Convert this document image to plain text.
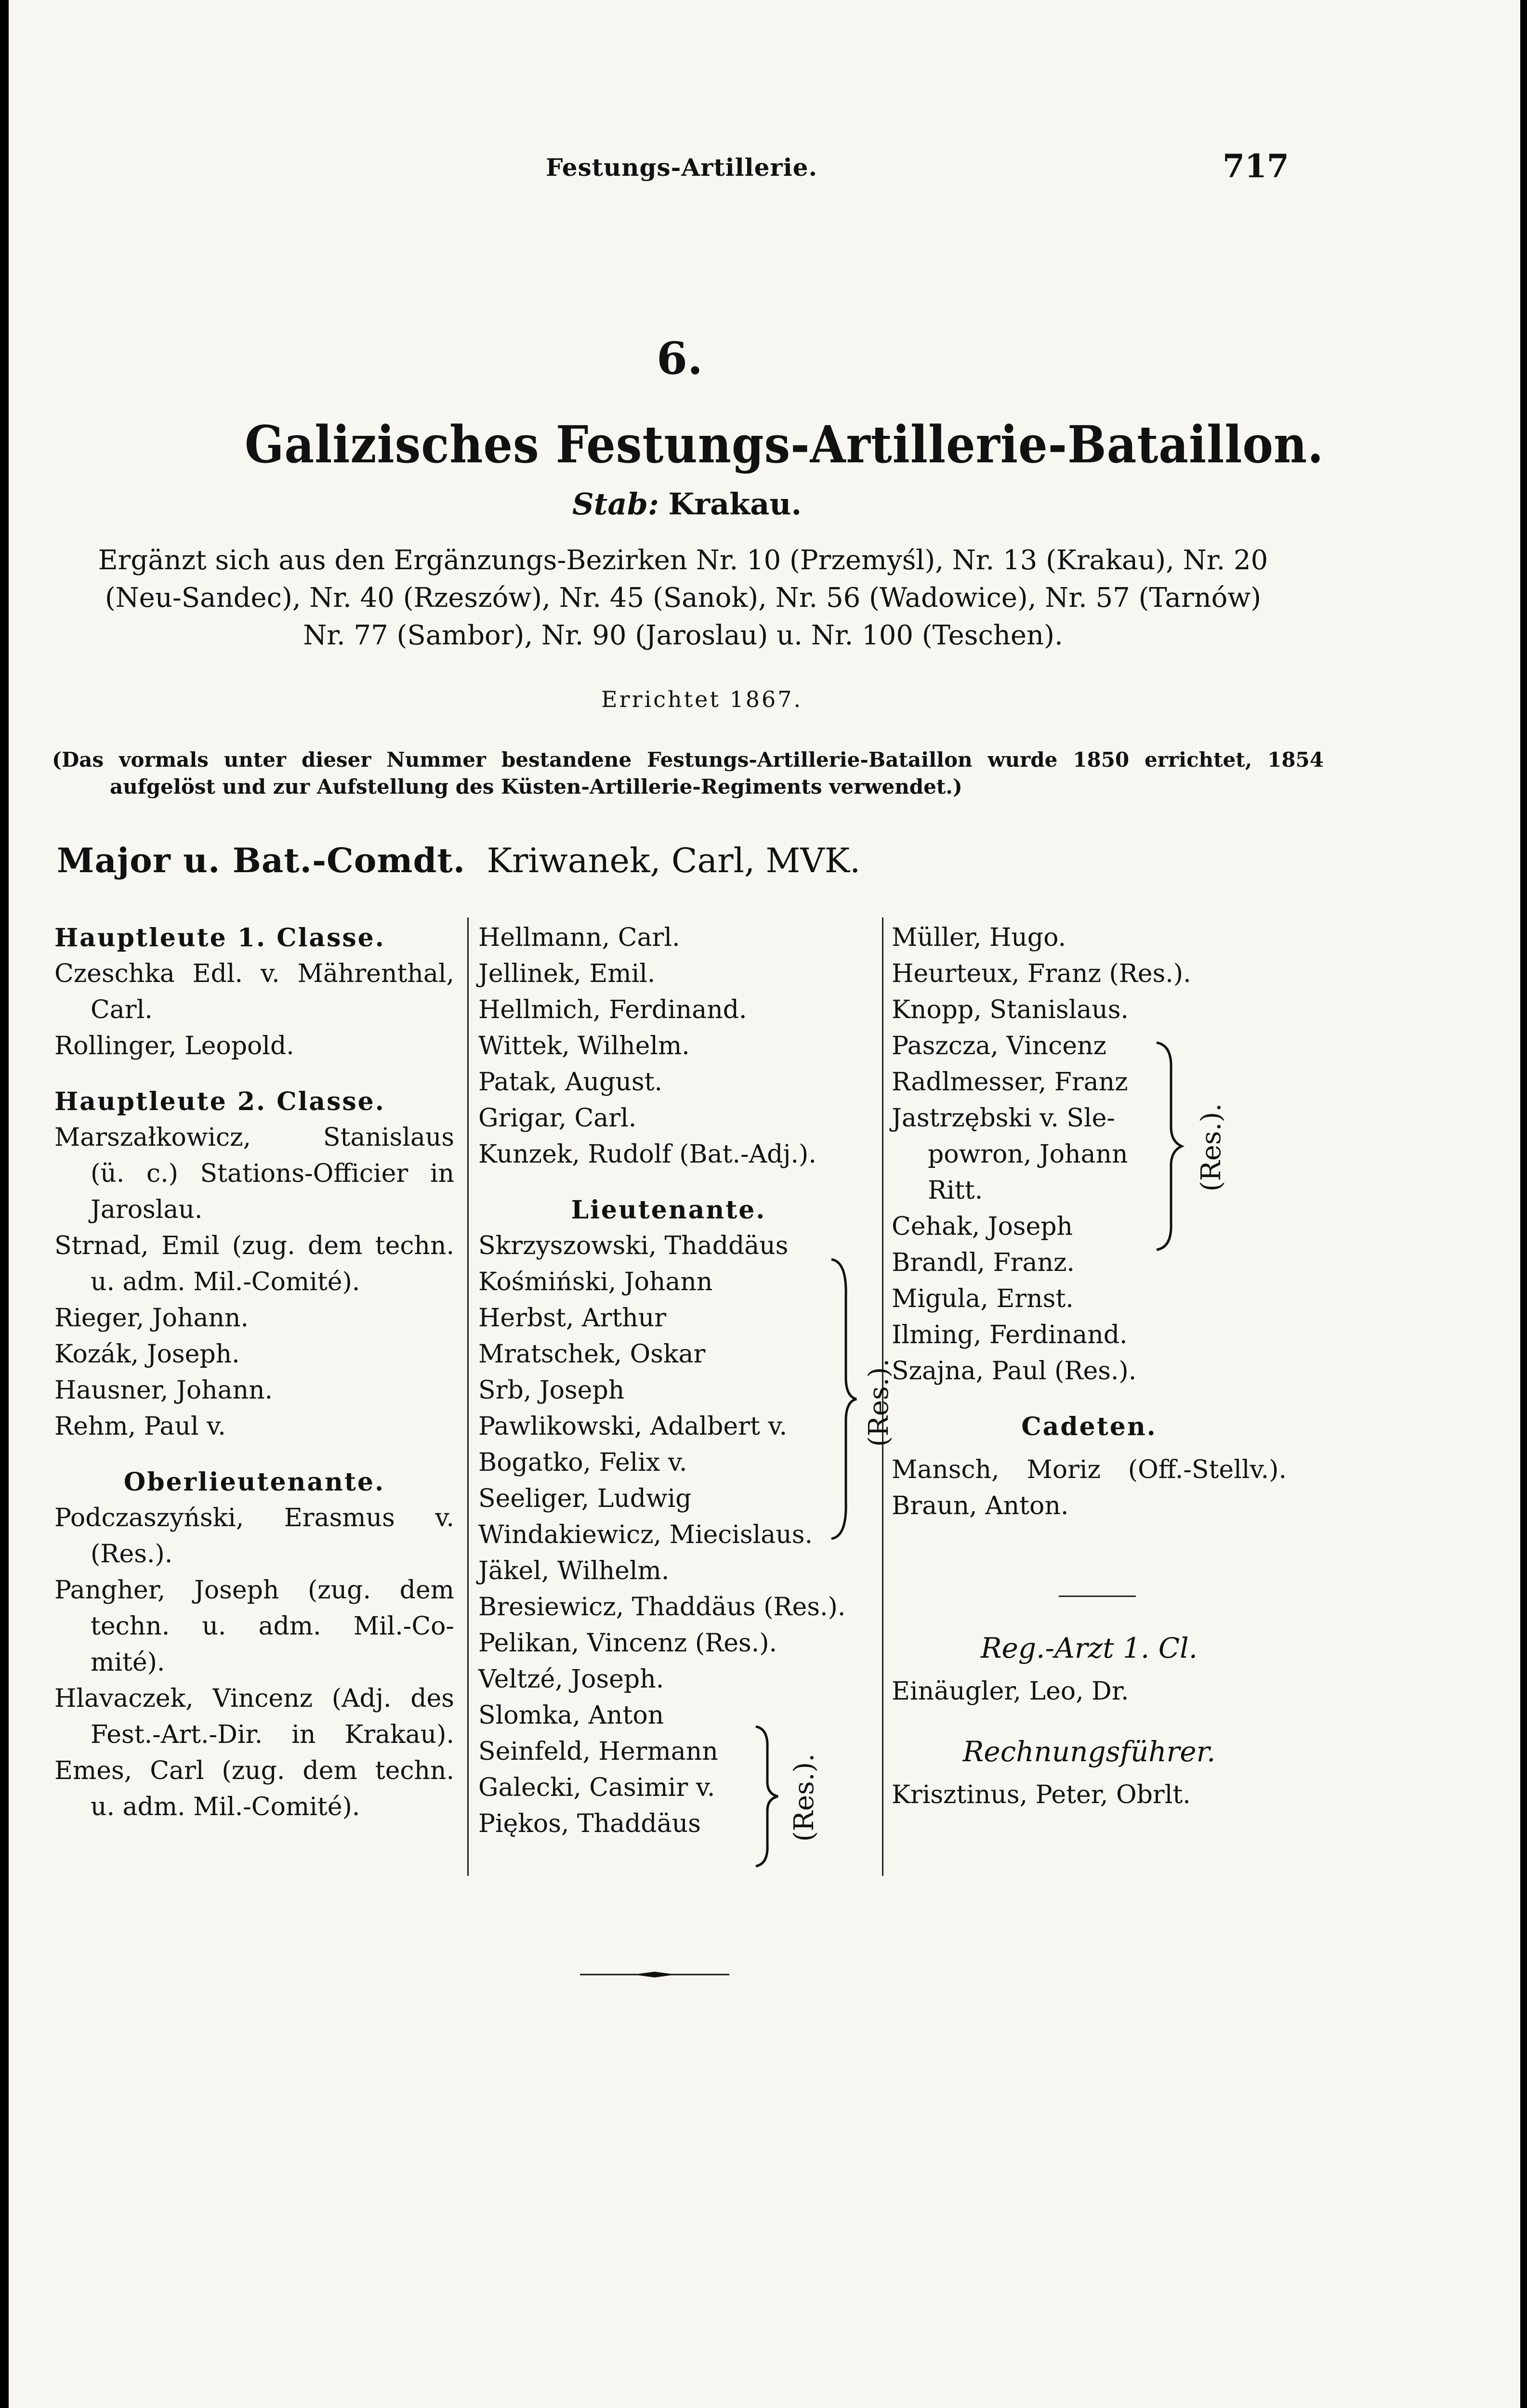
Festungs-Artillerie.	717
6.
Galizisches Festungs-Artillerie-Bataillon.
Stab: Krakau.
Ergänzt sich aus den Ergänzungs-Bezirken Nr. 10 (Przemyśl), Nr. 13 (Krakau), Nr. 20
(Neu-Sandec), Nr. 40 (Rzeszów), Nr. 45 (Sanok), Nr. 56 (Wadowice), Nr. 57 (Tarnów)
Nr. 77 (Sambor), Nr. 90 (Jaroslau) u. Nr. 100 (Teschen).
Errichtet 1867.
(Das vormals unter dieser Nummer bestandene Festungs-Artillerie-Bataillon wurde 1850 errichtet, 1854
aufgelöst und zur Aufstellung des Küsten-Artillerie-Regiments verwendet.)
Major u. Bat.-Comdt. Kriwanek, Carl, MVK.
Hauptleute 1. Classe.
Czeschka Edl. v. Mährenthal,
Carl.
Rollinger, Leopold.
Hauptleute 2. Classe.
Marszałkowicz, Stanislaus
(ü. c.) Stations-Officier in
Jaroslau.
Strnad, Emil (zug. dem techn.
u. adm. Mil.-Comité).
Rieger, Johann.
Kozák, Joseph.
Hausner, Johann.
Rehm, Paul v.
Oberlieutenante.
Podczaszyński, Erasmus v.
(Res.).
Pangher, Joseph (zug. dem
techn. u. adm. Mil.-Co-
mité).
Hlavaczek, Vincenz (Adj. des
Fest.-Art.-Dir. in Krakau).
Emes, Carl (zug. dem techn.
u. adm. Mil.-Comité).
Hellmann, Carl.
Jellinek, Emil.
Hellmich, Ferdinand.
Wittek, Wilhelm.
Patak, August.
Grigar, Carl.
Kunzek, Rudolf (Bat.-Adj.).
Lieutenante.
Skrzyszowski, Thaddäus
Kośmiński, Johann
Herbst, Arthur
Mratschek, Oskar
Srb, Joseph
Pawlikowski, Adalbert v.
Bogatko, Felix v.
Seeliger, Ludwig
Windakiewicz, Miecislaus.
Jäkel, Wilhelm.
Bresiewicz, Thaddäus (Res.).
Pelikan, Vincenz (Res.).
Veltzé, Joseph.
Slomka, Anton
Seinfeld, Hermann
Galecki, Casimir v.
Piękos, Thaddäus
(Res.).
(Res.).
Müller, Hugo.
Heurteux, Franz (Res.).
Knopp, Stanislaus.
Paszcza, Vincenz
Radlmesser, Franz
Jastrzębski v. Sle-
powron, Johann
Ritt.
Cehak, Joseph
Brandl, Franz.
Migula, Ernst.
Ilming, Ferdinand.
Szajna, Paul (Res.).
Cadeten.
Mansch, Moriz (Off.-Stellv.).
Braun, Anton.
Reg.-Arzt 1. Cl.
Einäugler, Leo, Dr.
Rechnungsführer.
Krisztinus, Peter, Obrlt.
(Res.).
